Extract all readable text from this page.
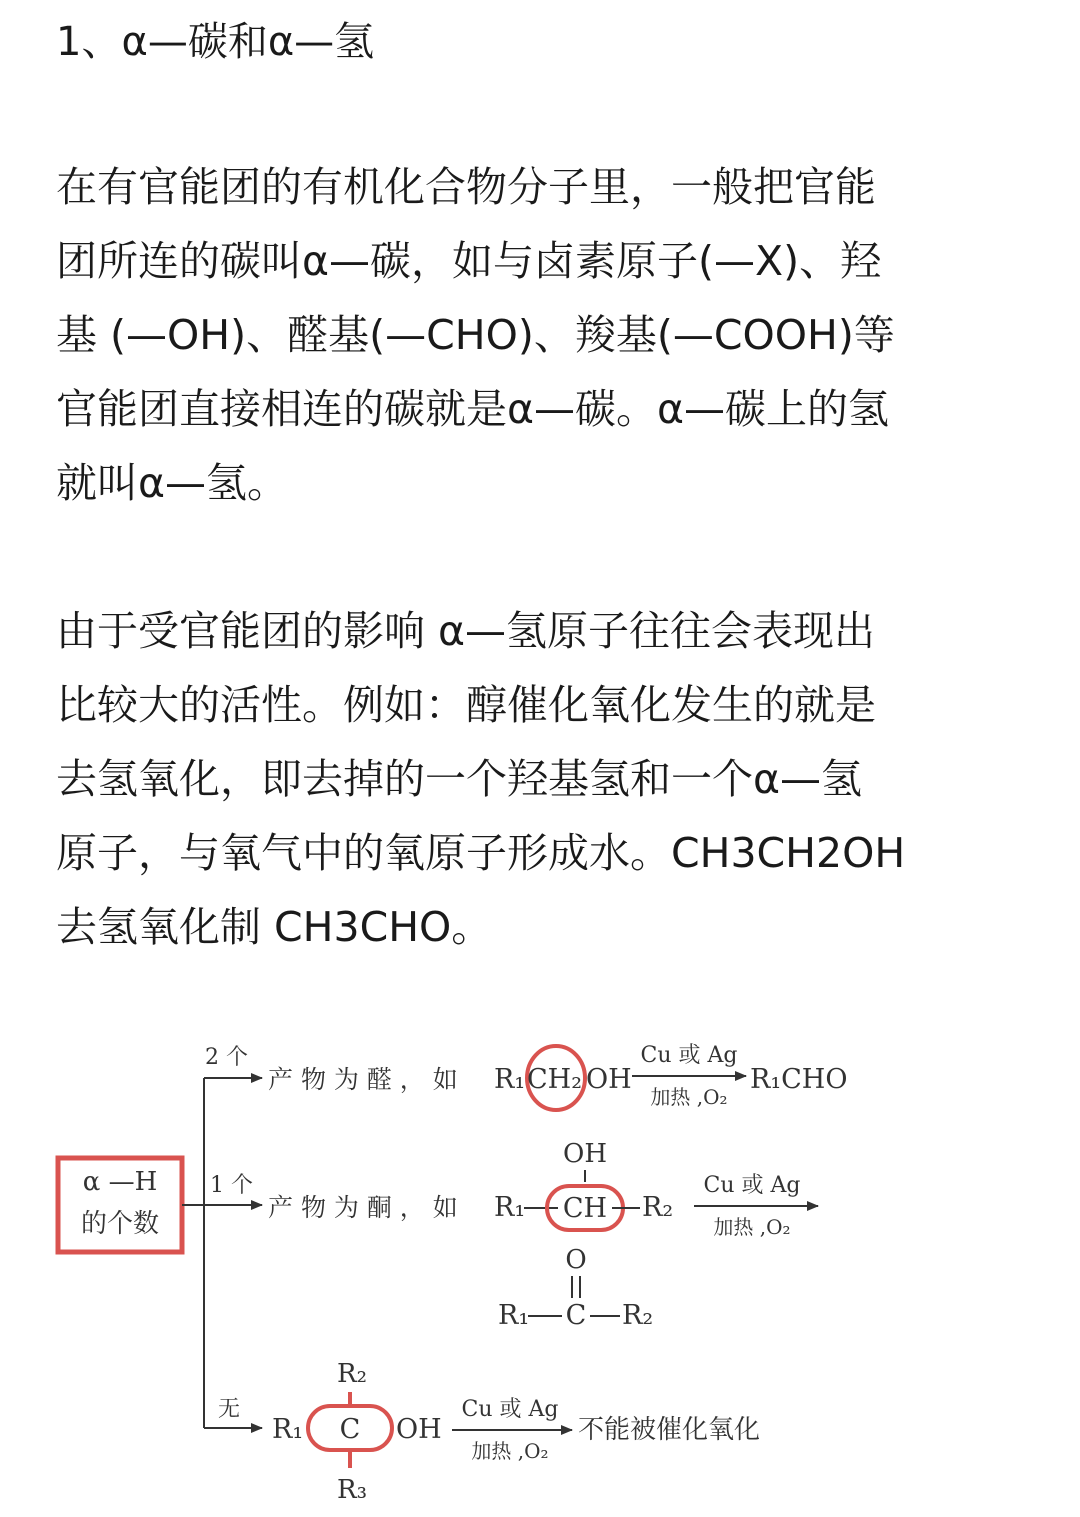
1、α—碳和α—氢
在有官能团的有机化合物分子里，一般把官能
团所连的碳叫α—碳，如与卤素原子(—X)、羟
基 (—OH)、醛基(—CHO)、羧基(—COOH)等
官能团直接相连的碳就是α—碳。α—碳上的氢
就叫α—氢。
由于受官能团的影响 α—氢原子往往会表现出
比较大的活性。例如：醇催化氧化发生的就是
去氢氧化，即去掉的一个羟基氢和一个α—氢
原子，与氧气中的氧原子形成水。CH3CH2OH
去氢氧化制 CH3CHO。
α —H
的个数
2 个
产 物 为 醛 ， 如 R₁ CH₂ OH
Cu 或 Ag
加热 ,O₂
R₁CHO
1 个
产 物 为 酮 ， 如
OH
R₁ CH R₂
Cu 或 Ag
加热 ,O₂
O
R₁ C R₂
无
R₂
R₁ C OH
R₃
Cu 或 Ag
加热 ,O₂
不能被催化氧化
